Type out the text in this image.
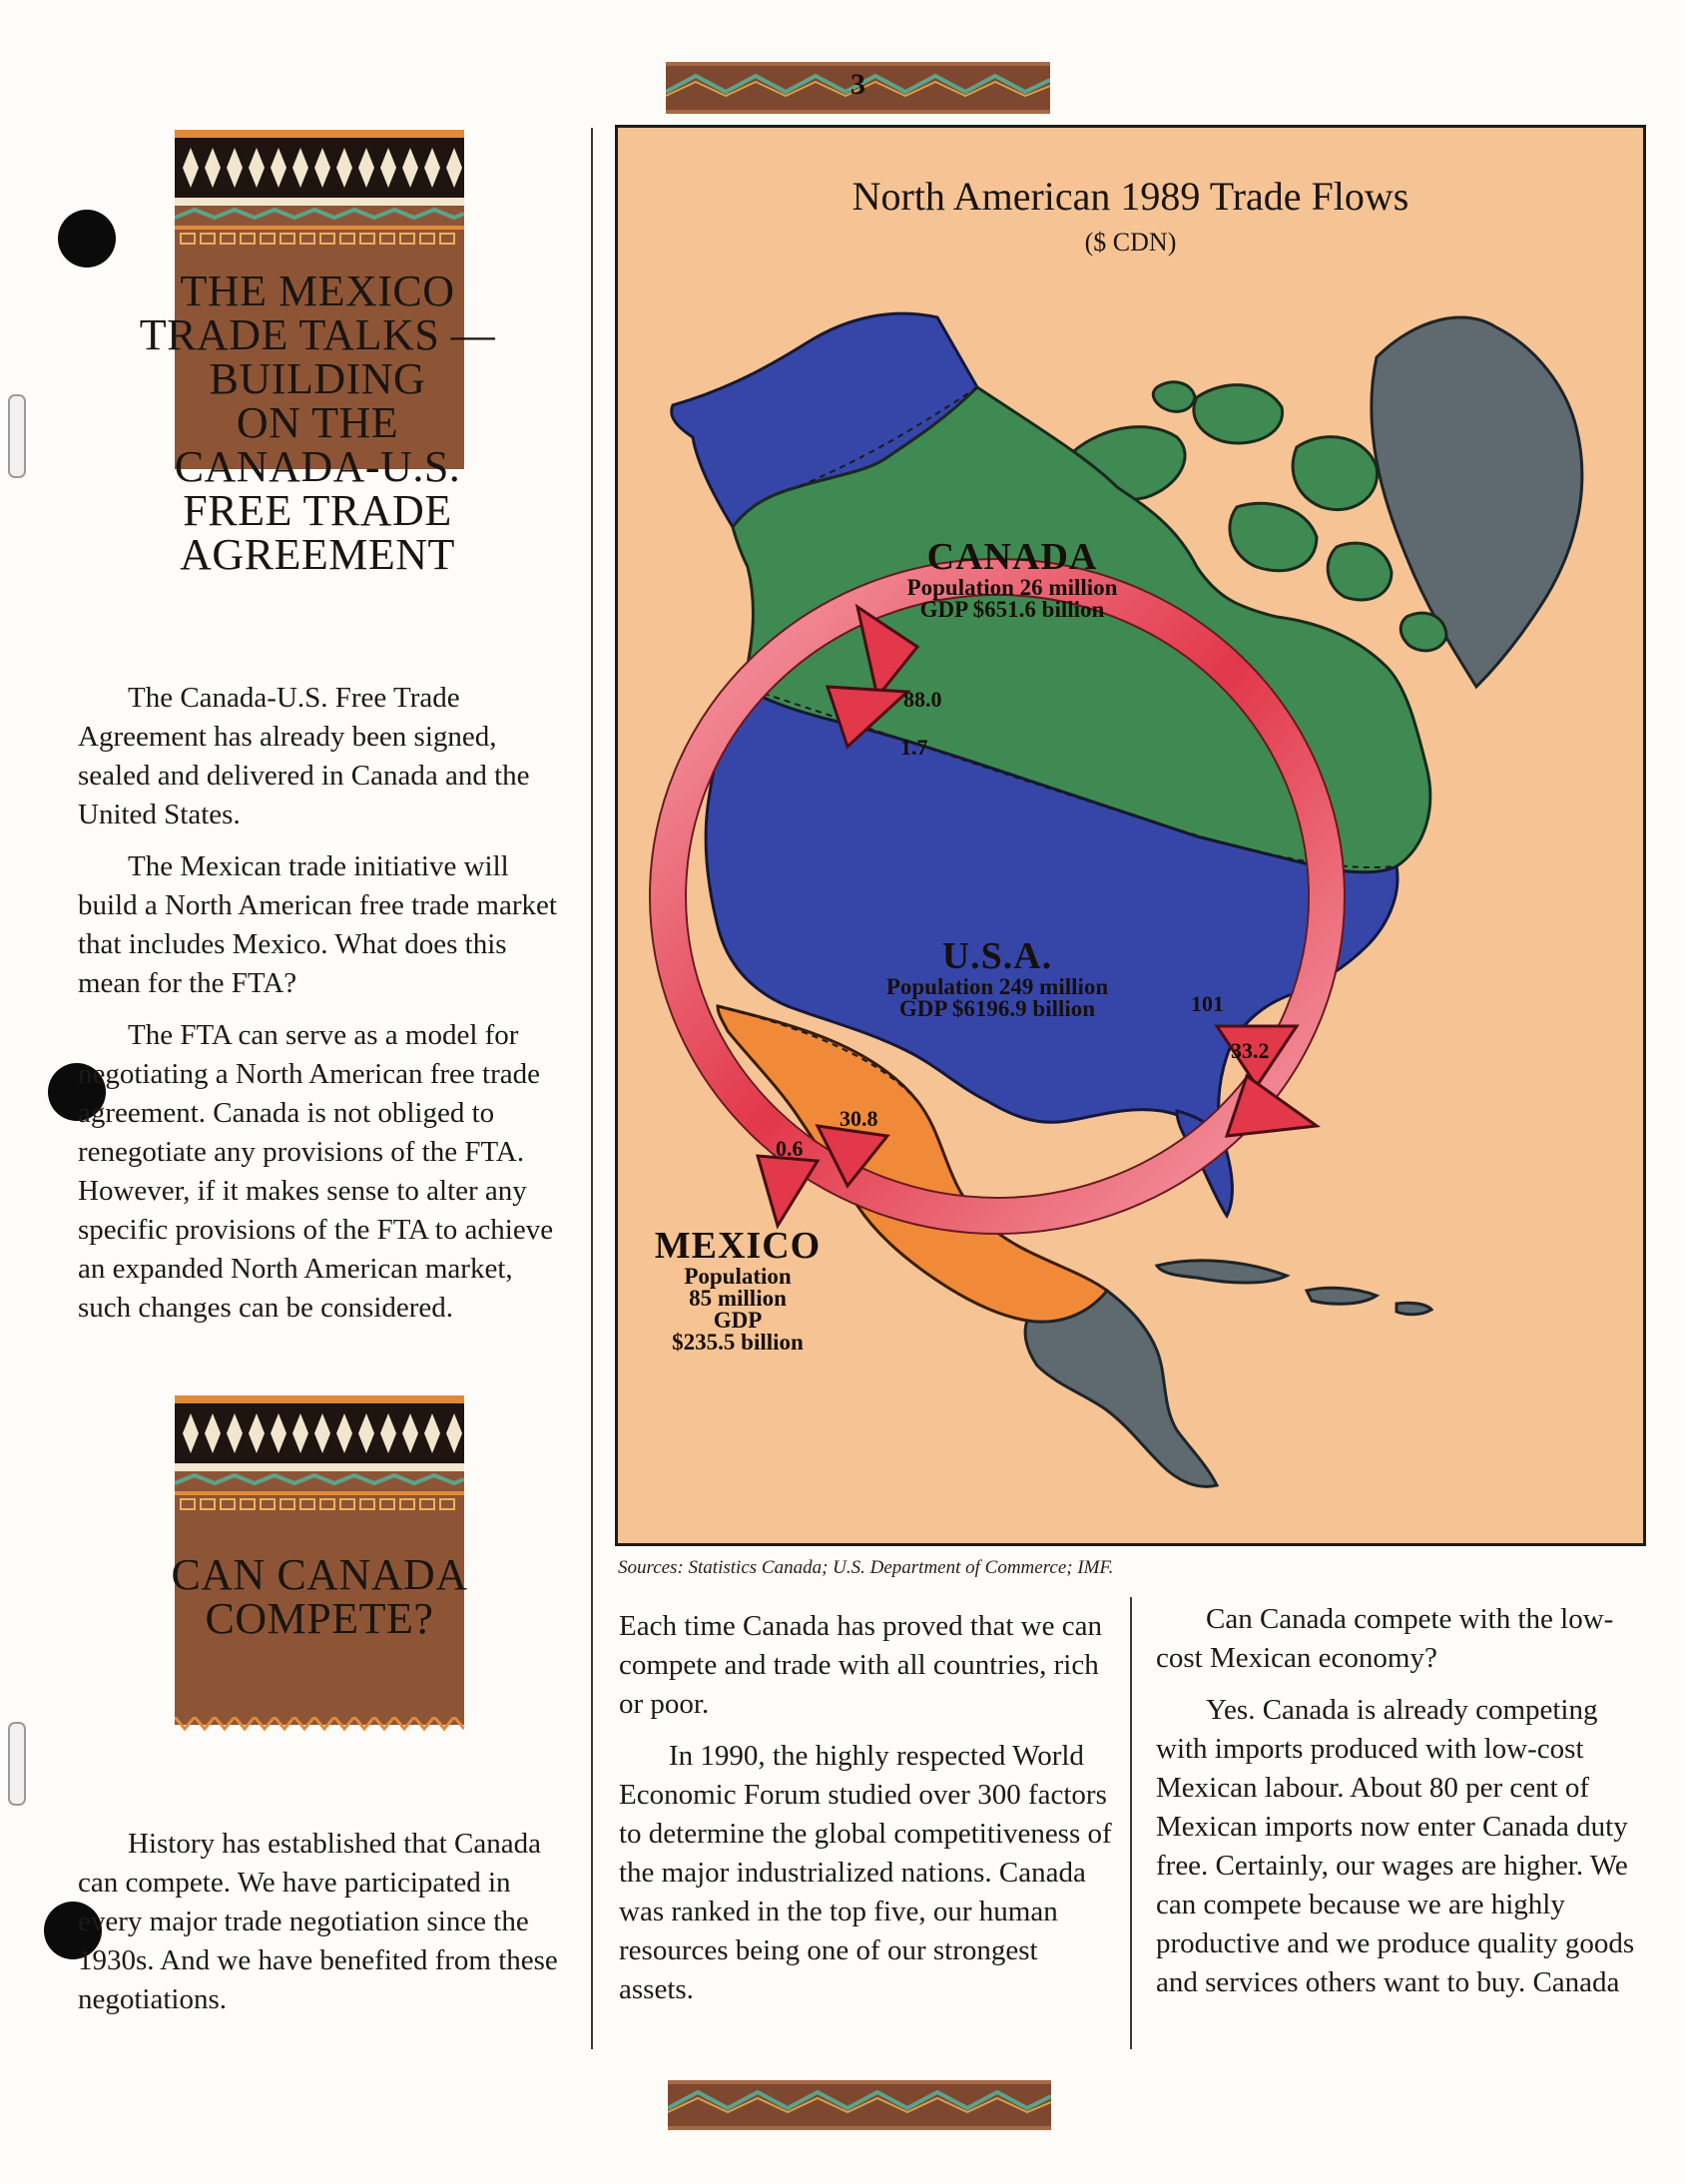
3
THE MEXICO
TRADE TALKS —
BUILDING
ON THE
CANADA-U.S.
FREE TRADE
AGREEMENT

The Canada-U.S. Free Trade Agreement has already been signed, sealed and delivered in Canada and the United States.

The Mexican trade initiative will build a North American free trade market that includes Mexico. What does this mean for the FTA?

The FTA can serve as a model for negotiating a North American free trade agreement. Canada is not obliged to renegotiate any provisions of the FTA. However, if it makes sense to alter any specific provisions of the FTA to achieve an expanded North American market, such changes can be considered.

CAN CANADA
COMPETE?

History has established that Canada can compete. We have participated in every major trade negotiation since the 1930s. And we have benefited from these negotiations.

North American 1989 Trade Flows
($ CDN)
CANADA
Population 26 million
GDP $651.6 billion
U.S.A.
Population 249 million
GDP $6196.9 billion
MEXICO
Population
85 million
GDP
$235.5 billion
88.0
1.7
101
33.2
30.8
0.6
Sources: Statistics Canada; U.S. Department of Commerce; IMF.

Each time Canada has proved that we can compete and trade with all countries, rich or poor.

In 1990, the highly respected World Economic Forum studied over 300 factors to determine the global competitiveness of the major industrialized nations. Canada was ranked in the top five, our human resources being one of our strongest assets.

Can Canada compete with the low-cost Mexican economy?

Yes. Canada is already competing with imports produced with low-cost Mexican labour. About 80 per cent of Mexican imports now enter Canada duty free. Certainly, our wages are higher. We can compete because we are highly productive and we produce quality goods and services others want to buy. Canada
